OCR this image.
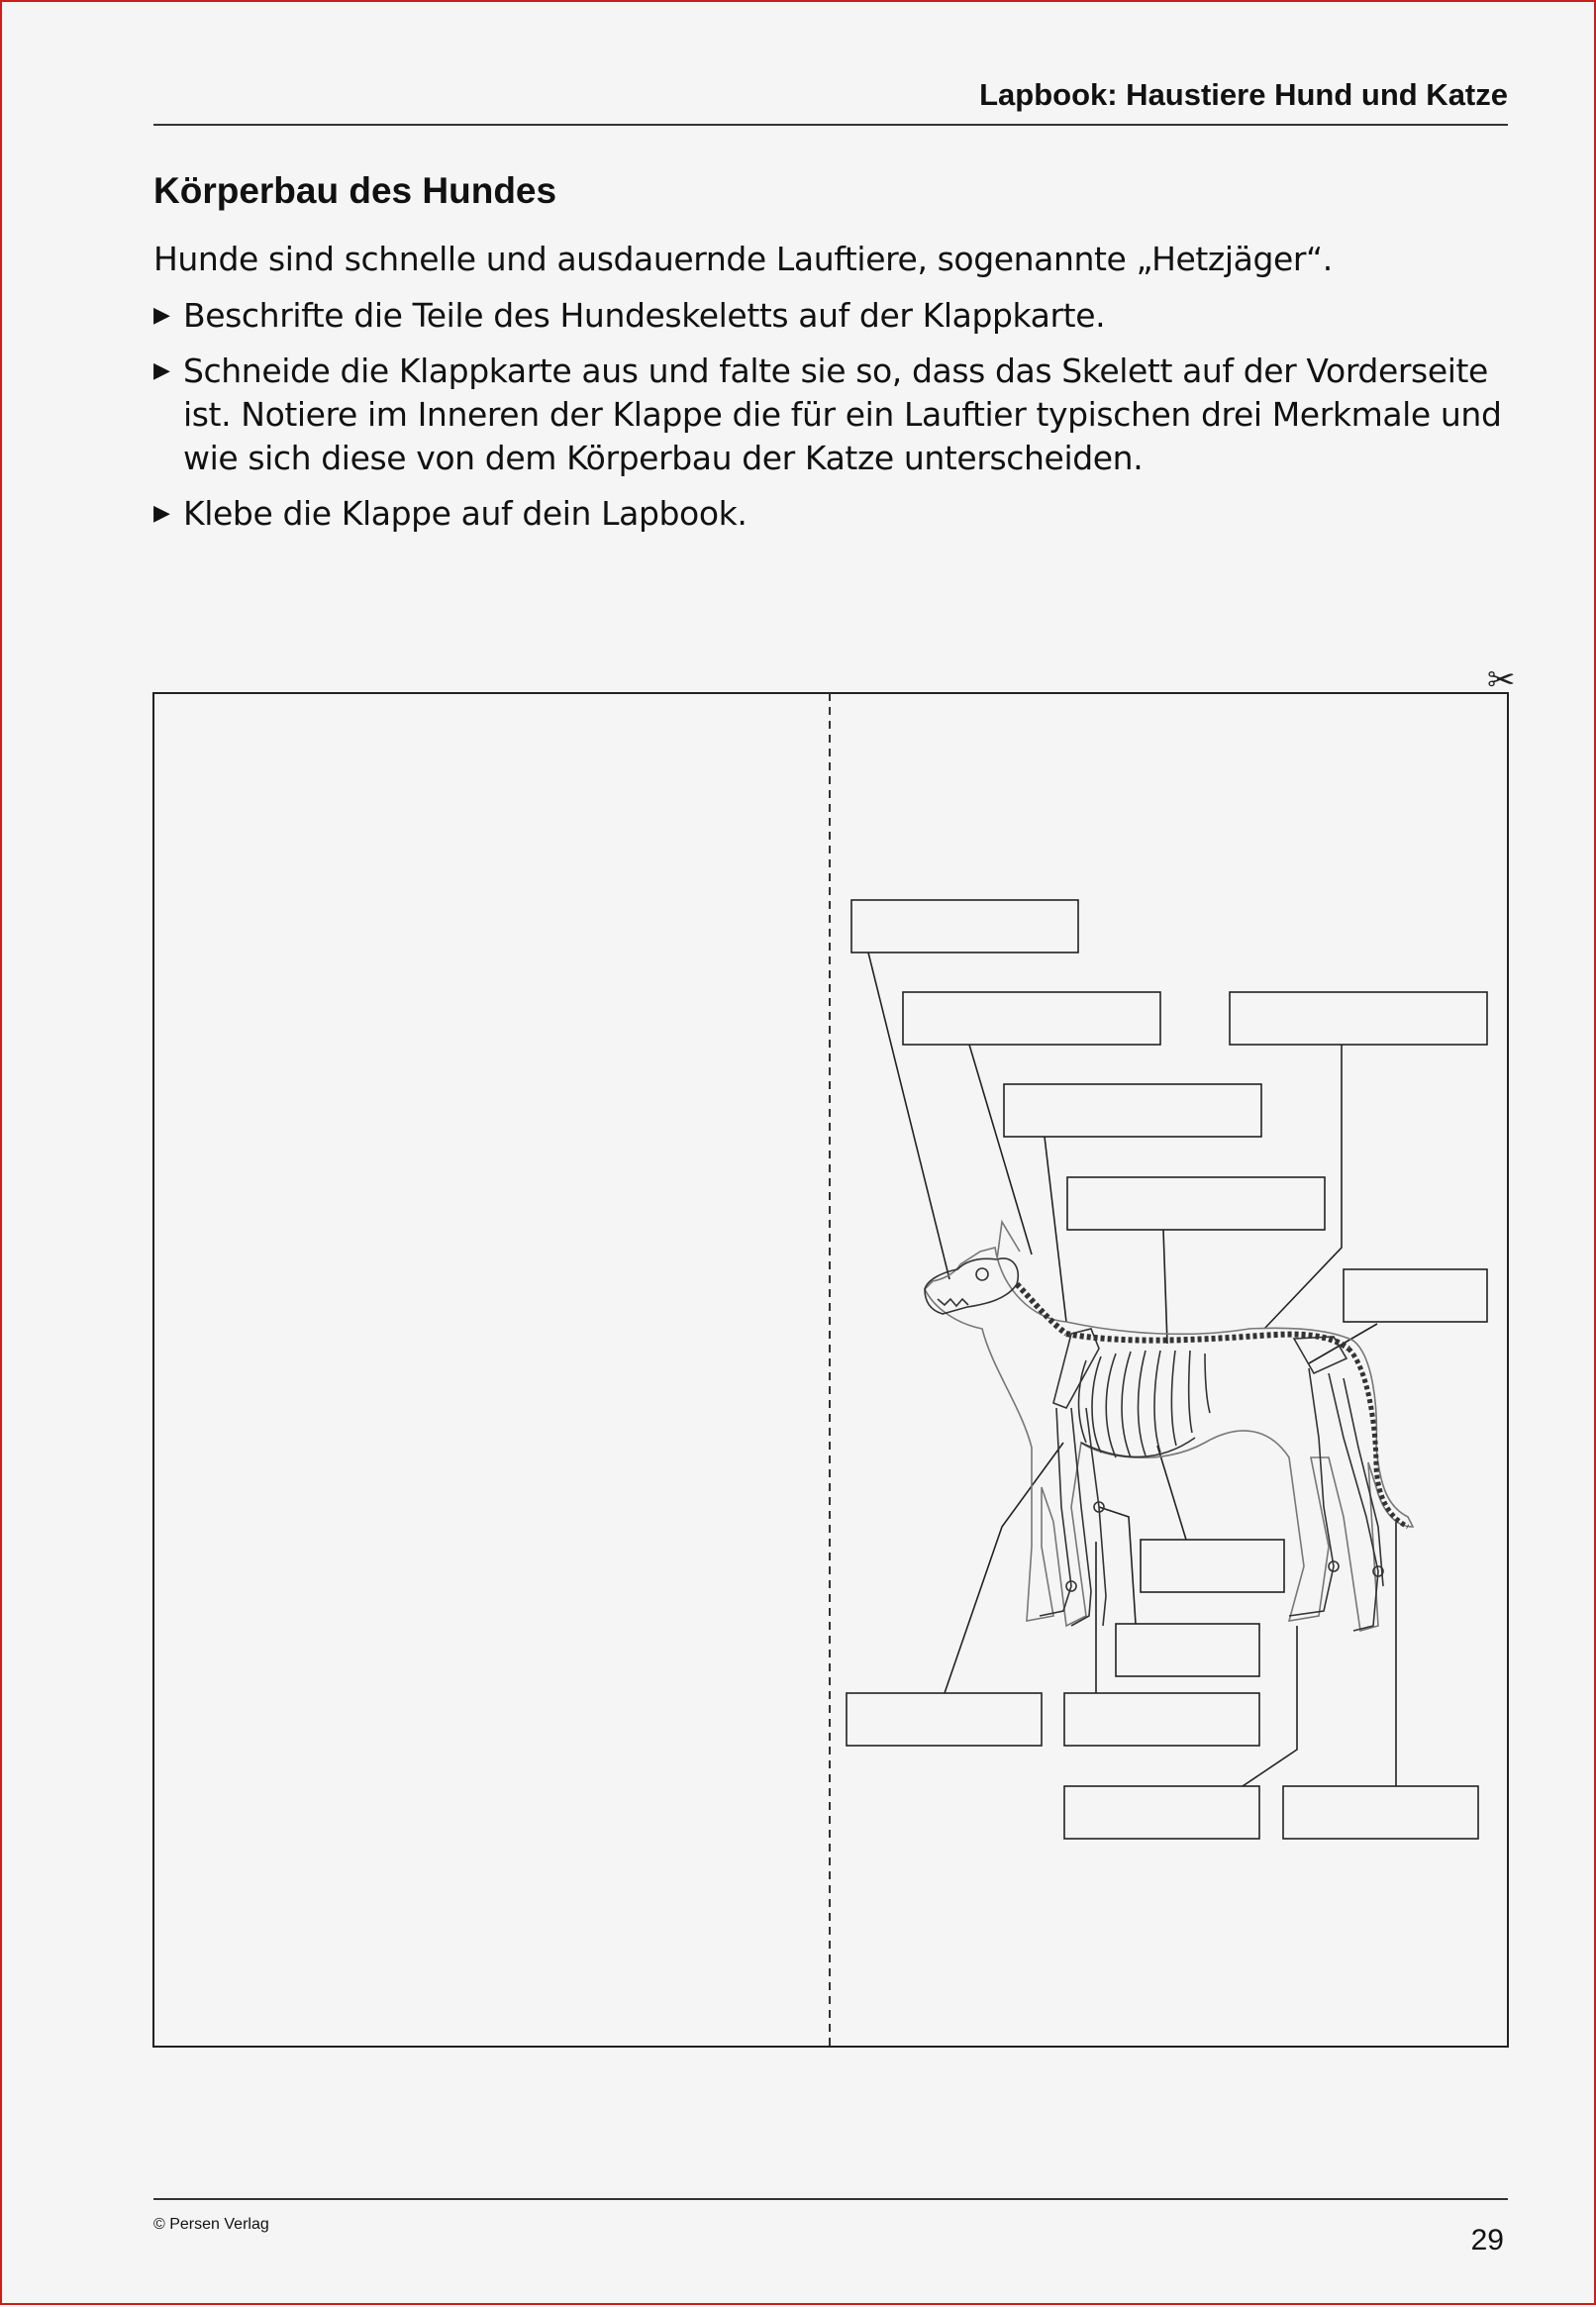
Lapbook: Haustiere Hund und Katze
Körperbau des Hundes
Hunde sind schnelle und ausdauernde Lauftiere, sogenannte „Hetzjäger“.
▶ Beschrifte die Teile des Hundeskeletts auf der Klappkarte.
▶ Schneide die Klappkarte aus und falte sie so, dass das Skelett auf der Vorderseite ist. Notiere im Inneren der Klappe die für ein Lauftier typischen drei Merkmale und wie sich diese von dem Körperbau der Katze unterscheiden.
▶ Klebe die Klappe auf dein Lapbook.
✂
© Persen Verlag	29
